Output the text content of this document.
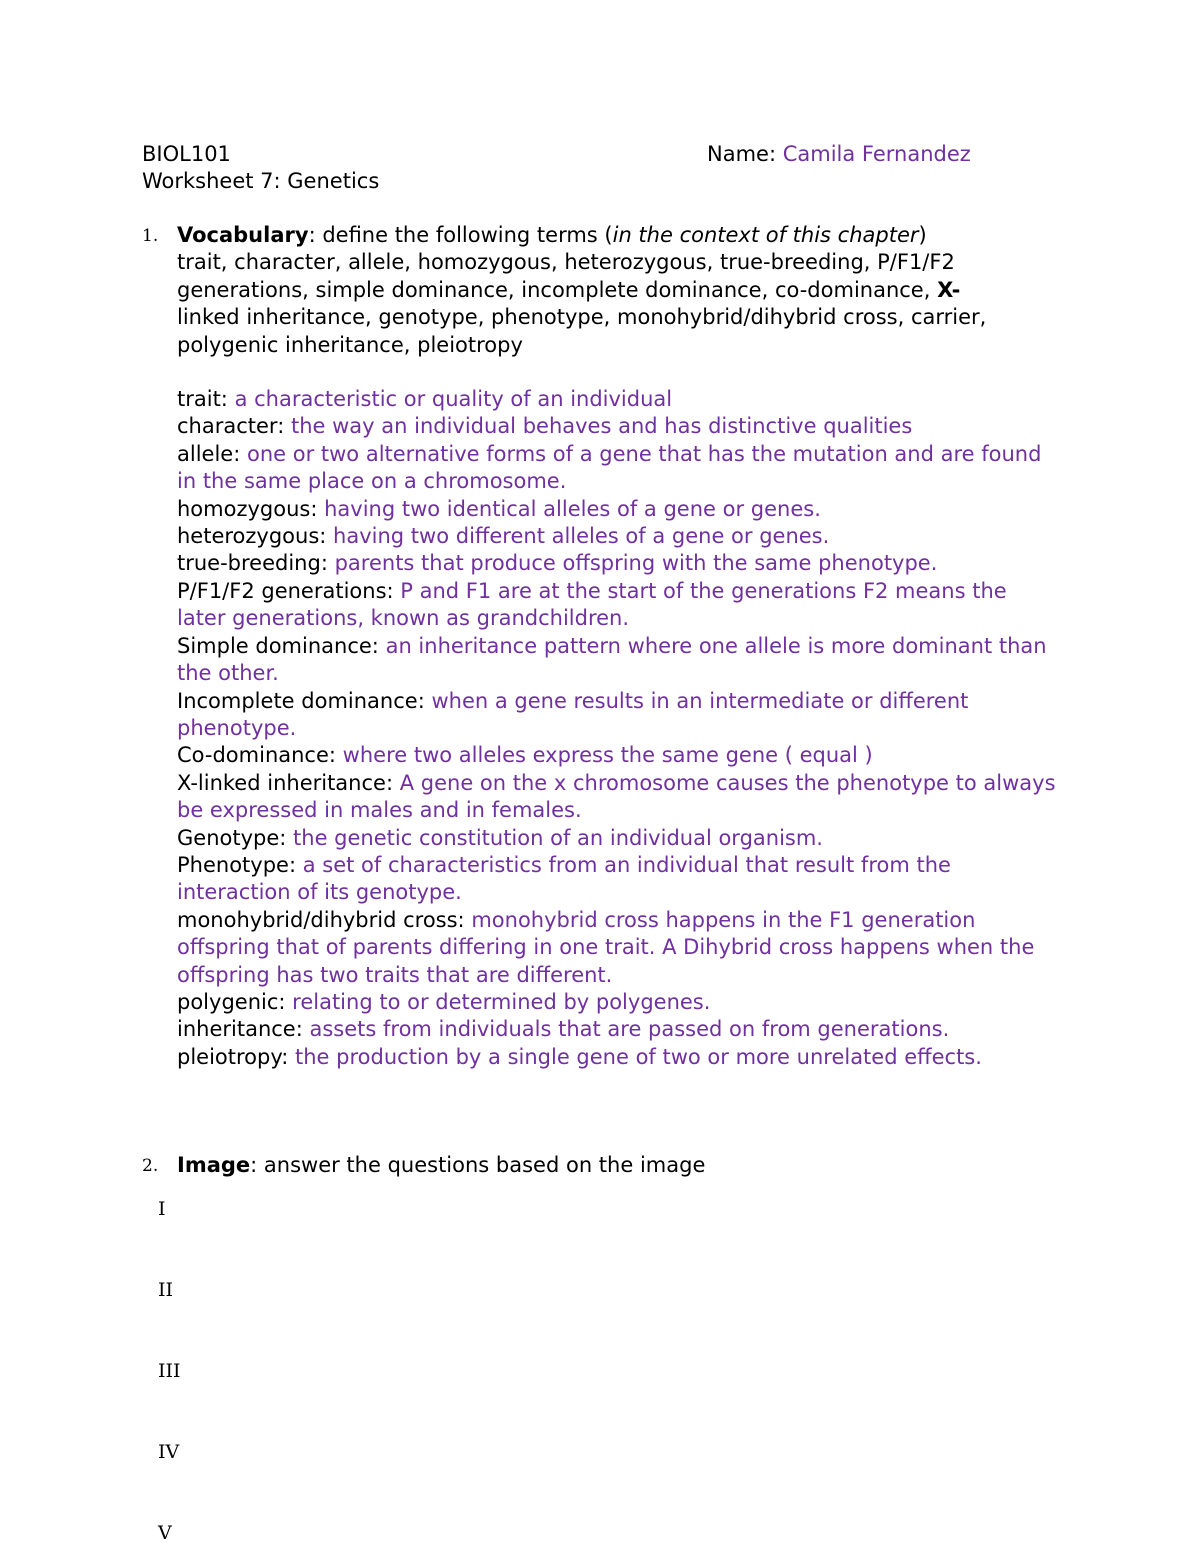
BIOL101
Worksheet 7: Genetics
Name: Camila Fernandez
1. Vocabulary: define the following terms (in the context of this chapter)
trait, character, allele, homozygous, heterozygous, true-breeding, P/F1/F2 generations, simple dominance, incomplete dominance, co-dominance, X-
linked inheritance, genotype, phenotype, monohybrid/dihybrid cross, carrier, polygenic inheritance, pleiotropy

trait: a characteristic or quality of an individual

character: the way an individual behaves and has distinctive qualities

allele: one or two alternative forms of a gene that has the mutation and are found in the same place on a chromosome.

homozygous: having two identical alleles of a gene or genes.

heterozygous: having two different alleles of a gene or genes.

true-breeding: parents that produce offspring with the same phenotype.

P/F1/F2 generations: P and F1 are at the start of the generations F2 means the later generations, known as grandchildren.

Simple dominance: an inheritance pattern where one allele is more dominant than the other.

Incomplete dominance: when a gene results in an intermediate or different phenotype.

Co-dominance: where two alleles express the same gene ( equal )

X-linked inheritance: A gene on the x chromosome causes the phenotype to always be expressed in males and in females.

Genotype: the genetic constitution of an individual organism.

Phenotype: a set of characteristics from an individual that result from the interaction of its genotype.

monohybrid/dihybrid cross: monohybrid cross happens in the F1 generation offspring that of parents differing in one trait. A Dihybrid cross happens when the offspring has two traits that are different.

polygenic: relating to or determined by polygenes.

inheritance: assets from individuals that are passed on from generations.

pleiotropy: the production by a single gene of two or more unrelated effects.

2. Image: answer the questions based on the image
I
II
III
IV
V
